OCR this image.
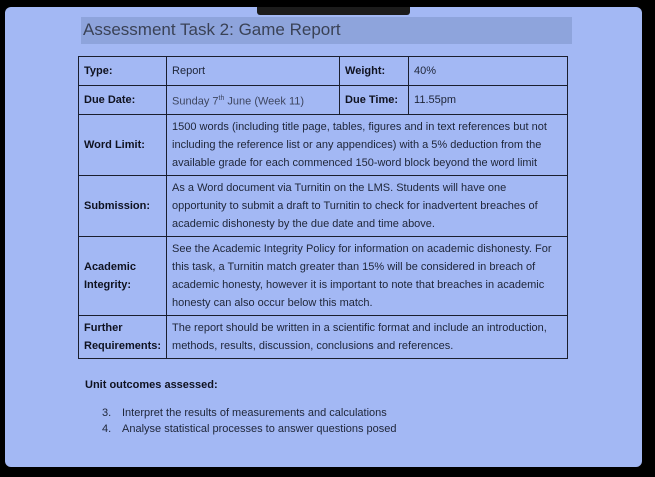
Assessment Task 2: Game Report
Type:	Report	Weight:	40%
Due Date:	Sunday 7th June (Week 11)	Due Time:	11.55pm
Word Limit:	1500 words (including title page, tables, figures and in text references but not including the reference list or any appendices) with a 5% deduction from the available grade for each commenced 150-word block beyond the word limit		
Submission:	As a Word document via Turnitin on the LMS. Students will have one opportunity to submit a draft to Turnitin to check for inadvertent breaches of academic dishonesty by the due date and time above.		
Academic
Integrity:	See the Academic Integrity Policy for information on academic dishonesty. For this task, a Turnitin match greater than 15% will be considered in breach of academic honesty, however it is important to note that breaches in academic honesty can also occur below this match.		
Further
Requirements:	The report should be written in a scientific format and include an introduction, methods, results, discussion, conclusions and references.		
Unit outcomes assessed:
3. Interpret the results of measurements and calculations
4. Analyse statistical processes to answer questions posed
